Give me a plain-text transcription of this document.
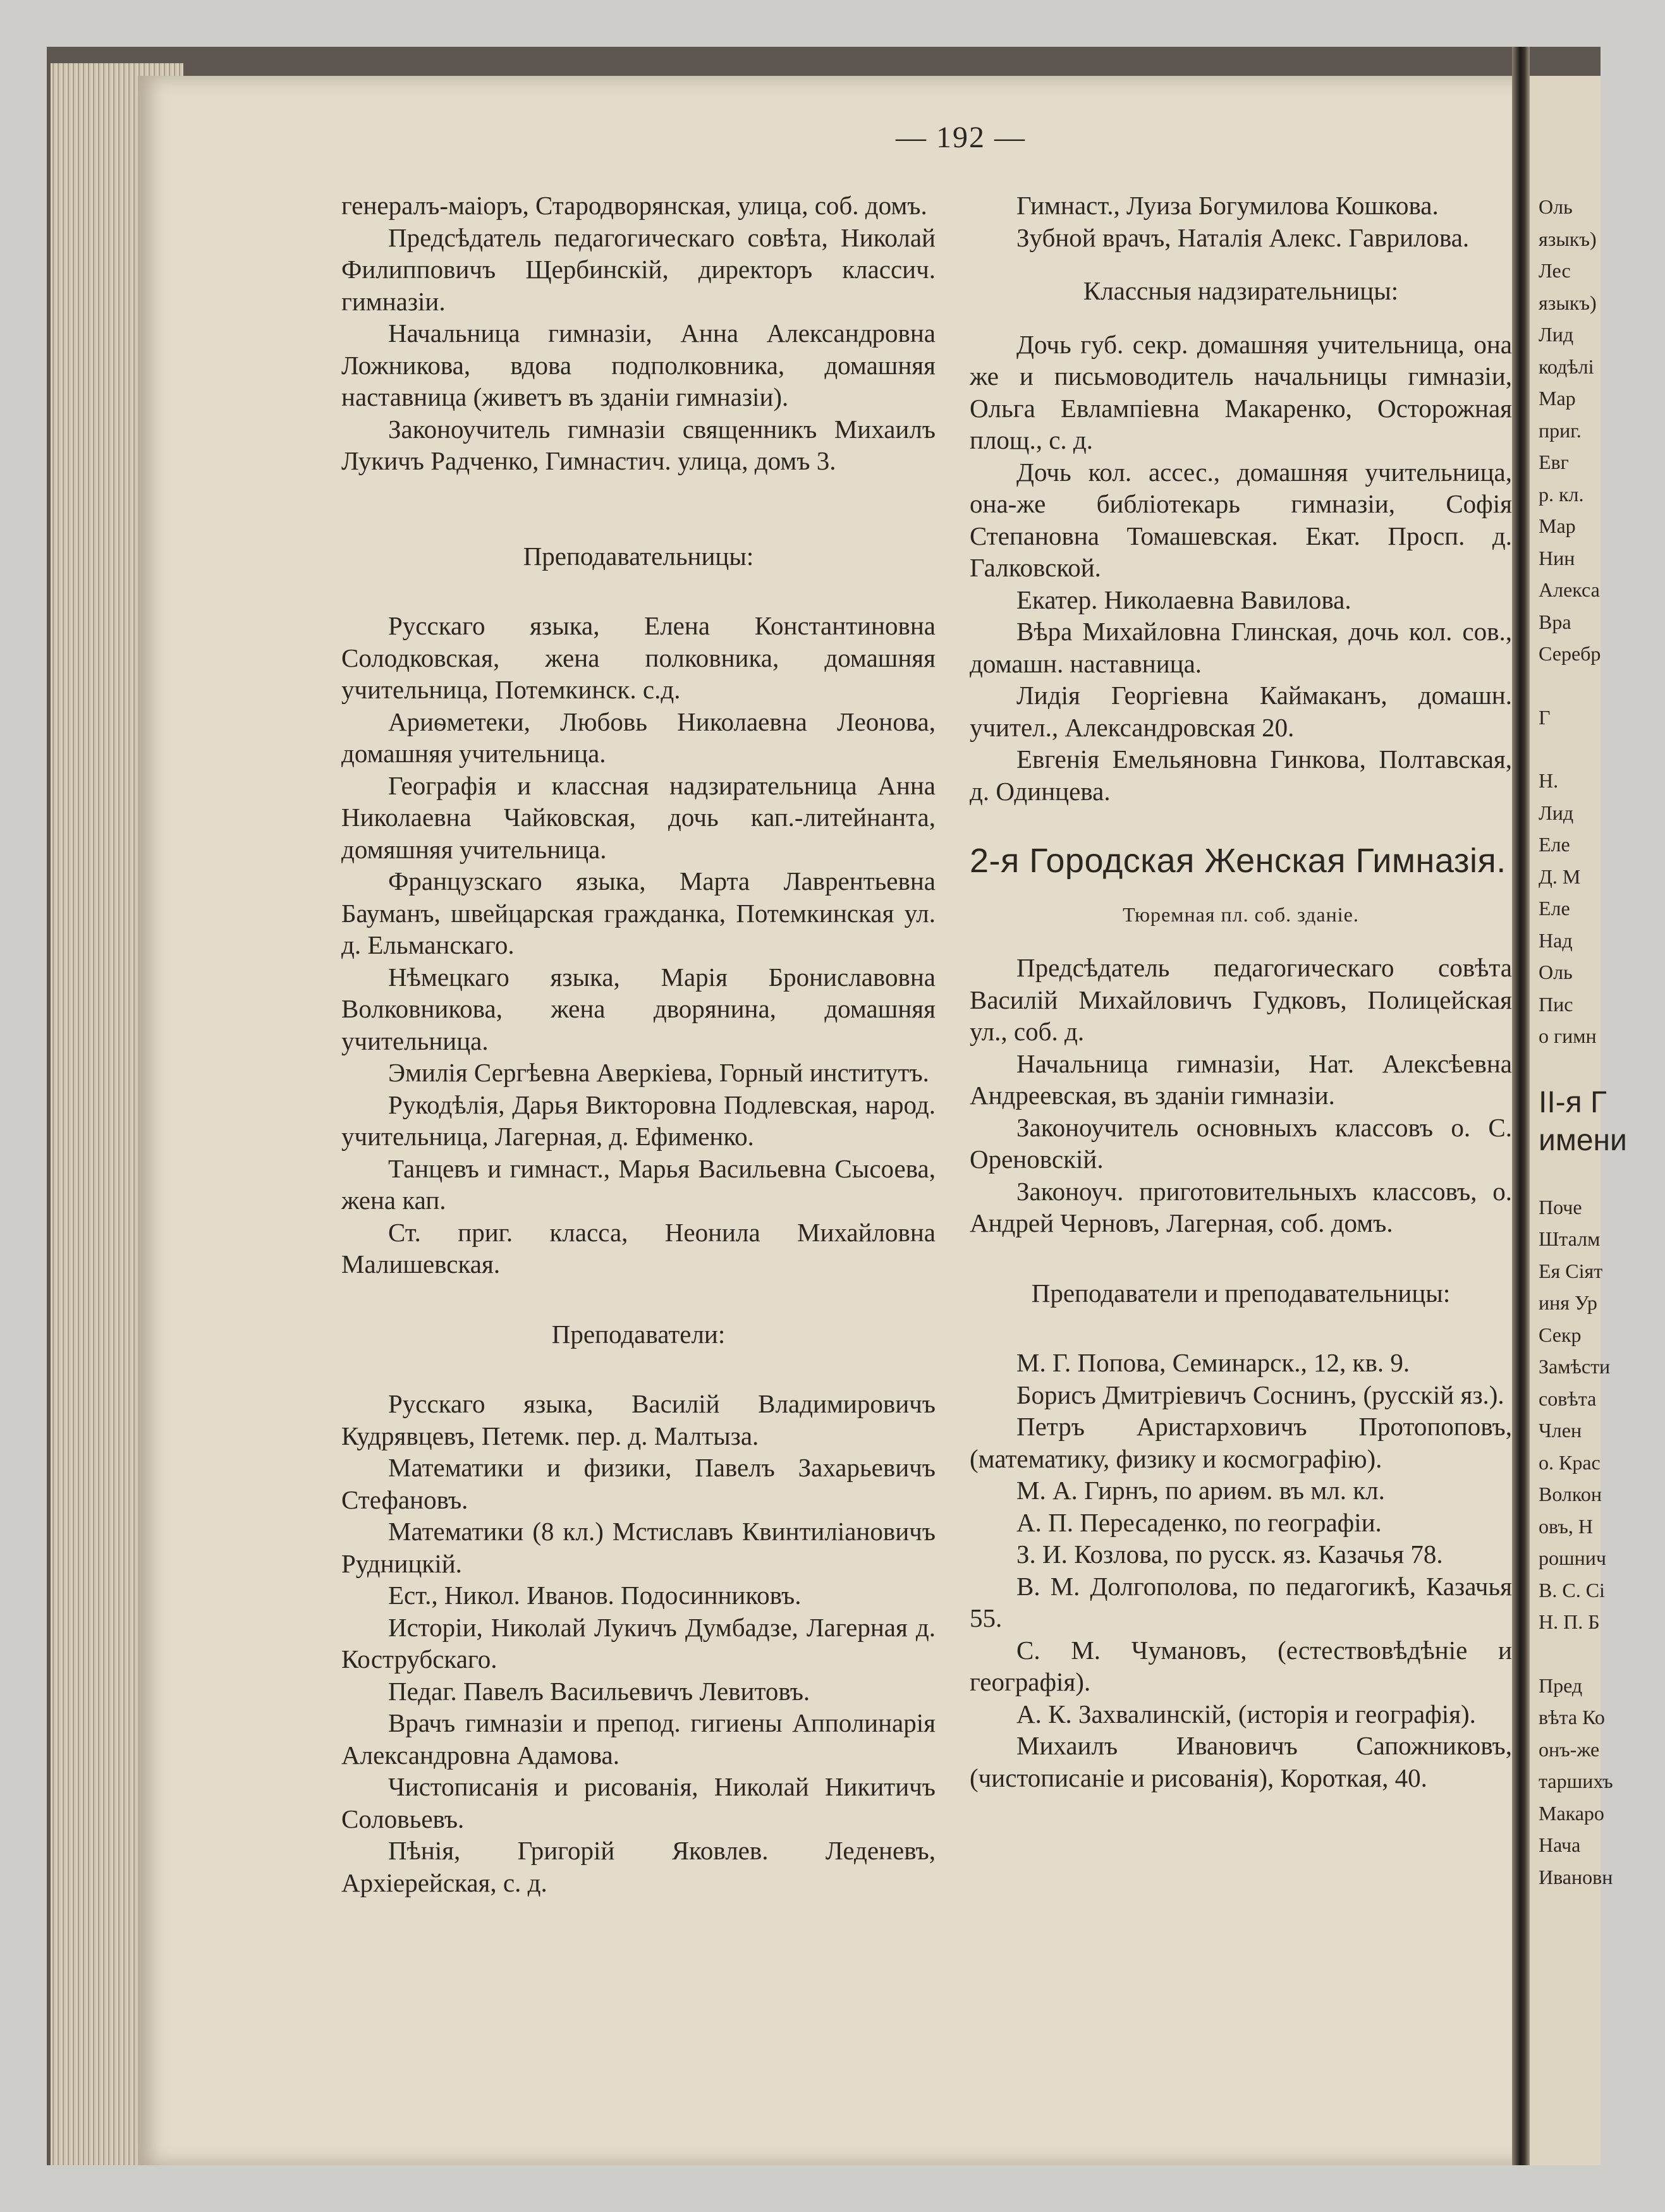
Оль
языкъ)
Лес
языкъ)
Лид
кодѣлі
Мар
приг.
Евг
р. кл.
Мар
Нин
Алекса
Вра
Серебр
Г
Н.
Лид
Еле
Д. М
Еле
Над
Оль
Пис
о гимн
II-я Г
имени
Поче
Шталм
Ея Сіят
иня Ур
Секр
Замѣсти
совѣта
Член
о. Крас
Волкон
овъ, Н
рошнич
В. С. Сі
Н. П. Б
Пред
вѣта Ко
онъ-же
таршихъ
Макаро
Нача
Ивановн
— 192 —
генералъ-маіоръ, Стародворянская, улица, соб. домъ.
Предсѣдатель педагогическаго совѣта, Николай Филипповичъ Щербинскій, директоръ классич. гимназіи.
Начальница гимназіи, Анна Александровна Ложникова, вдова подполковника, домашняя наставница (живетъ въ зданіи гимназіи).
Законоучитель гимназіи священникъ Михаилъ Лукичъ Радченко, Гимнастич. улица, домъ 3.
Преподавательницы:
Русскаго языка, Елена Константиновна Солодковская, жена полковника, домашняя учительница, Потемкинск. с.д.
Ариѳметеки, Любовь Николаевна Леонова, домашняя учительница.
Географія и классная надзирательница Анна Николаевна Чайковская, дочь кап.-литейнанта, домяшняя учительница.
Французскаго языка, Марта Лаврентьевна Бауманъ, швейцарская гражданка, Потемкинская ул. д. Ельманскаго.
Нѣмецкаго языка, Марія Брониславовна Волковникова, жена дворянина, домашняя учительница.
Эмилія Сергѣевна Аверкіева, Горный институтъ.
Рукодѣлія, Дарья Викторовна Подлевская, народ. учительница, Лагерная, д. Ефименко.
Танцевъ и гимнаст., Марья Васильевна Сысоева, жена кап.
Ст. приг. класса, Неонила Михайловна Малишевская.
Преподаватели:
Русскаго языка, Василій Владимировичъ Кудрявцевъ, Петемк. пер. д. Малтыза.
Математики и физики, Павелъ Захарьевичъ Стефановъ.
Математики (8 кл.) Мстиславъ Квинтиліановичъ Рудницкій.
Ест., Никол. Иванов. Подосинниковъ.
Исторіи, Николай Лукичъ Думбадзе, Лагерная д. Кострубскаго.
Педаг. Павелъ Васильевичъ Левитовъ.
Врачъ гимназіи и препод. гигиены Апполинарія Александровна Адамова.
Чистописанія и рисованія, Николай Никитичъ Соловьевъ.
Пѣнія, Григорій Яковлев. Леденевъ, Архіерейская, с. д.
Гимнаст., Луиза Богумилова Кошкова.
Зубной врачъ, Наталія Алекс. Гаврилова.
Классныя надзирательницы:
Дочь губ. секр. домашняя учительница, она же и письмоводитель начальницы гимназіи, Ольга Евлампіевна Макаренко, Осторожная площ., с. д.
Дочь кол. ассес., домашняя учительница, она-же библіотекарь гимназіи, Софія Степановна Томашевская. Екат. Просп. д. Галковской.
Екатер. Николаевна Вавилова.
Вѣра Михайловна Глинская, дочь кол. сов., домашн. наставница.
Лидія Георгіевна Каймаканъ, домашн. учител., Александровская 20.
Евгенія Емельяновна Гинкова, Полтавская, д. Одинцева.
2-я Городская Женская Гимназія.
Тюремная пл. соб. зданіе.
Предсѣдатель педагогическаго совѣта Василій Михайловичъ Гудковъ, Полицейская ул., соб. д.
Начальница гимназіи, Нат. Алексѣевна Андреевская, въ зданіи гимназіи.
Законоучитель основныхъ классовъ о. С. Ореновскій.
Законоуч. приготовительныхъ классовъ, о. Андрей Черновъ, Лагерная, соб. домъ.
Преподаватели и преподавательницы:
М. Г. Попова, Семинарск., 12, кв. 9.
Борисъ Дмитріевичъ Соснинъ, (русскій яз.).
Петръ Аристарховичъ Протопоповъ, (математику, физику и космографію).
М. А. Гирнъ, по ариѳм. въ мл. кл.
А. П. Пересаденко, по географіи.
З. И. Козлова, по русск. яз. Казачья 78.
В. М. Долгополова, по педагогикѣ, Казачья 55.
С. М. Чумановъ, (естествовѣдѣніе и географія).
А. К. Захвалинскій, (исторія и географія).
Михаилъ Ивановичъ Сапожниковъ, (чистописаніе и рисованія), Короткая, 40.
